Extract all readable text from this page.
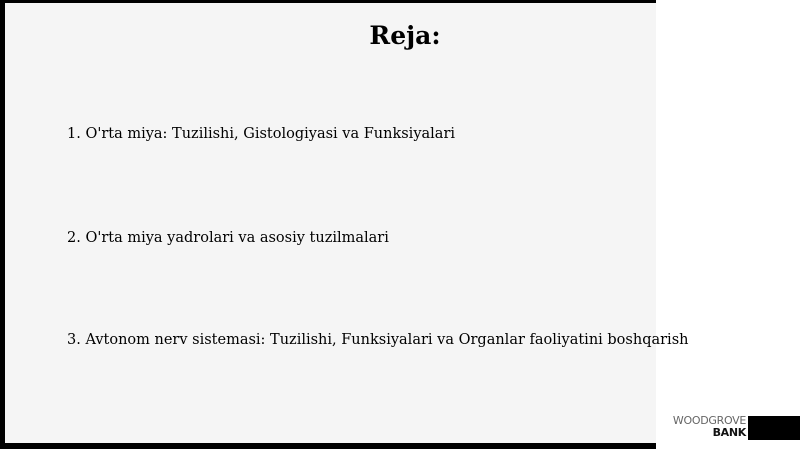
Reja:

1. O'rta miya: Tuzilishi, Gistologiyasi va Funksiyalari

2. O'rta miya yadrolari va asosiy tuzilmalari

3. Avtonom nerv sistemasi: Tuzilishi, Funksiyalari va Organlar faoliyatini boshqarish

WOODGROVE
BANK
